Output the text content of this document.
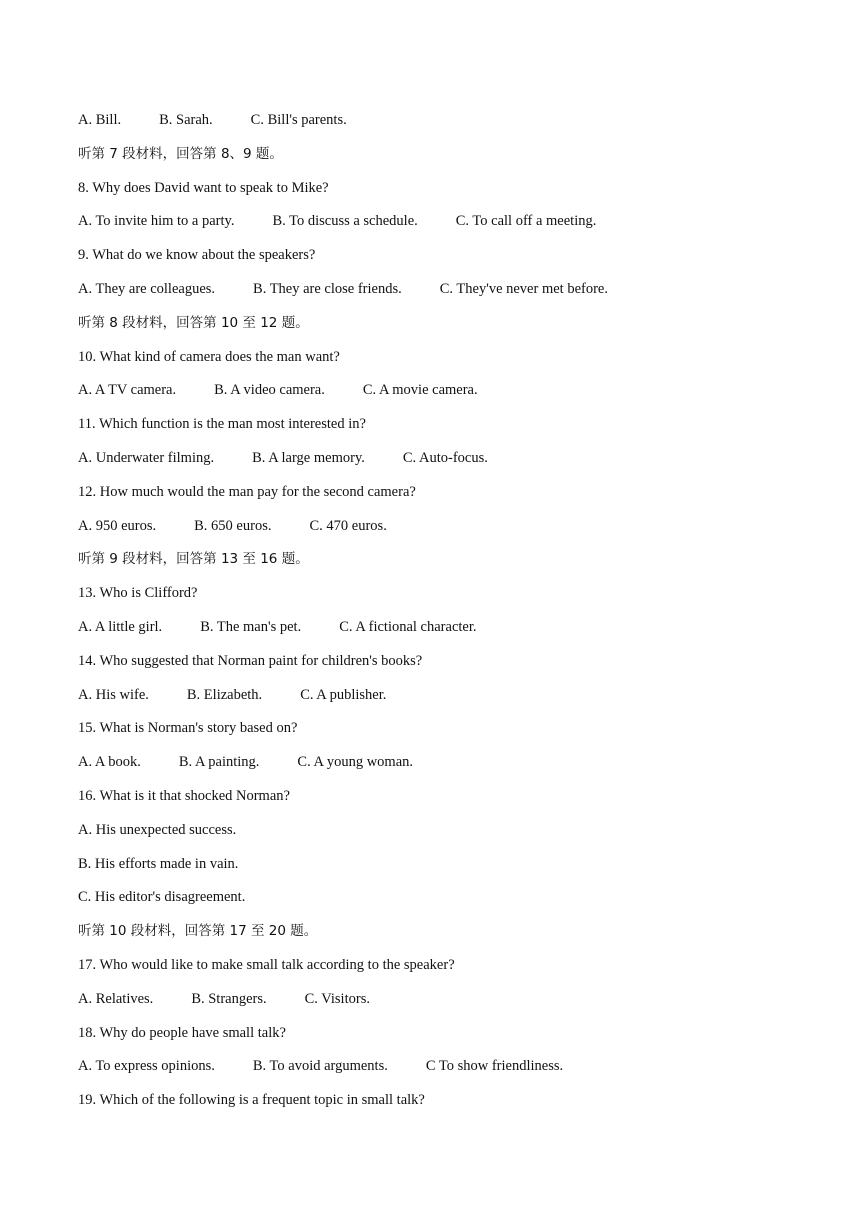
A. Bill.	B. Sarah.	C. Bill's parents.
听第 7 段材料，回答第 8、9 题。
8. Why does David want to speak to Mike?
A. To invite him to a party.	B. To discuss a schedule.	C. To call off a meeting.
9. What do we know about the speakers?
A. They are colleagues.	B. They are close friends.	C. They've never met before.
听第 8 段材料，回答第 10 至 12 题。
10. What kind of camera does the man want?
A. A TV camera.	B. A video camera.	C. A movie camera.
11. Which function is the man most interested in?
A. Underwater filming.	B. A large memory.	C. Auto-focus.
12. How much would the man pay for the second camera?
A. 950 euros.	B. 650 euros.	C. 470 euros.
听第 9 段材料，回答第 13 至 16 题。
13. Who is Clifford?
A. A little girl.	B. The man's pet.	C. A fictional character.
14. Who suggested that Norman paint for children's books?
A. His wife.	B. Elizabeth.	C. A publisher.
15. What is Norman's story based on?
A. A book.	B. A painting.	C. A young woman.
16. What is it that shocked Norman?
A. His unexpected success.
B. His efforts made in vain.
C. His editor's disagreement.
听第 10 段材料，回答第 17 至 20 题。
17. Who would like to make small talk according to the speaker?
A. Relatives.	B. Strangers.	C. Visitors.
18. Why do people have small talk?
A. To express opinions.	B. To avoid arguments.	C To show friendliness.
19. Which of the following is a frequent topic in small talk?
